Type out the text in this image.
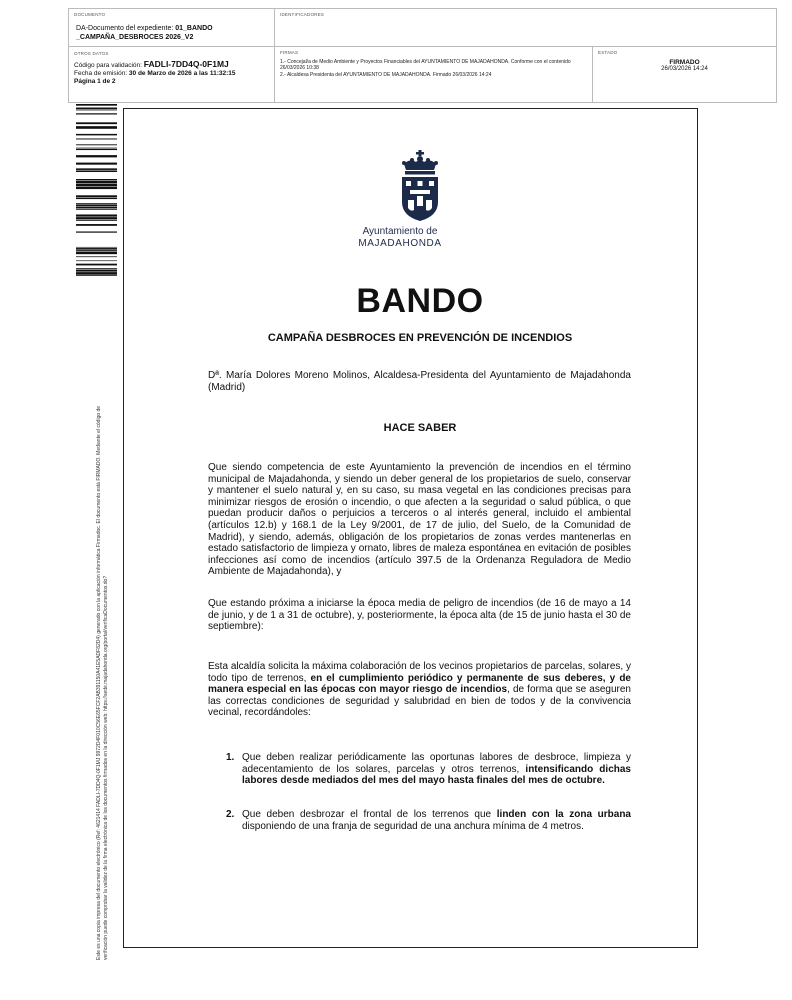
DOCUMENTO
DA-Documento del expediente: 01_BANDO
_CAMPAÑA_DESBROCES 2026_V2
IDENTIFICADORES
OTROS DATOS
Código para validación: FADLI-7DD4Q-0F1MJ
Fecha de emisión: 30 de Marzo de 2026 a las 11:32:15
Página 1 de 2
FIRMAS
1.- Concejal/a de Medio Ambiente y Proyectos Financiables del AYUNTAMIENTO DE MAJADAHONDA. Conforme con el contenido 26/03/2026 10:38
2.- Alcaldesa Presidenta del AYUNTAMIENTO DE MAJADAHONDA. Firmado 26/03/2026 14:24
ESTADO
FIRMADO
26/03/2026 14:24
Este es una copia impresa del documento electrónico (Ref: 4621414 FADLI-7DD4Q-0F1MJ 9972D4F010C56E65FCF2AB391150A41E5ADF82D4) generado con la aplicación informática Firmadoc. El documento está FIRMADO. Mediante el código de verificación puede comprobar la validez de la firma electrónica de los documentos firmados en la dirección web: https://sede.majadahonda.org/portal/verificaDocumentos.do?
Ayuntamiento de
MAJADAHONDA
BANDO
CAMPAÑA DESBROCES EN PREVENCIÓN DE INCENDIOS
Dª. María Dolores Moreno Molinos, Alcaldesa-Presidenta del Ayuntamiento de Majadahonda (Madrid)
HACE SABER
Que siendo competencia de este Ayuntamiento la prevención de incendios en el término municipal de Majadahonda, y siendo un deber general de los propietarios de suelo, conservar y mantener el suelo natural y, en su caso, su masa vegetal en las condiciones precisas para minimizar riesgos de erosión o incendio, o que afecten a la seguridad o salud pública, o que puedan producir daños o perjuicios a terceros o al interés general, incluido el ambiental (artículos 12.b) y 168.1 de la Ley 9/2001, de 17 de julio, del Suelo, de la Comunidad de Madrid), y siendo, además, obligación de los propietarios de zonas verdes mantenerlas en estado satisfactorio de limpieza y ornato, libres de maleza espontánea en evitación de posibles infecciones así como de incendios (artículo 397.5 de la Ordenanza Reguladora de Medio Ambiente de Majadahonda), y
Que estando próxima a iniciarse la época media de peligro de incendios (de 16 de mayo a 14 de junio, y de 1 a 31 de octubre), y, posteriormente, la época alta (de 15 de junio hasta el 30 de septiembre):
Esta alcaldía solicita la máxima colaboración de los vecinos propietarios de parcelas, solares, y todo tipo de terrenos, en el cumplimiento periódico y permanente de sus deberes, y de manera especial en las épocas con mayor riesgo de incendios, de forma que se aseguren las correctas condiciones de seguridad y salubridad en bien de todos y de la convivencia vecinal, recordándoles:
1. Que deben realizar periódicamente las oportunas labores de desbroce, limpieza y adecentamiento de los solares, parcelas y otros terrenos, intensificando dichas labores desde mediados del mes del mayo hasta finales del mes de octubre.
2. Que deben desbrozar el frontal de los terrenos que linden con la zona urbana disponiendo de una franja de seguridad de una anchura mínima de 4 metros.
